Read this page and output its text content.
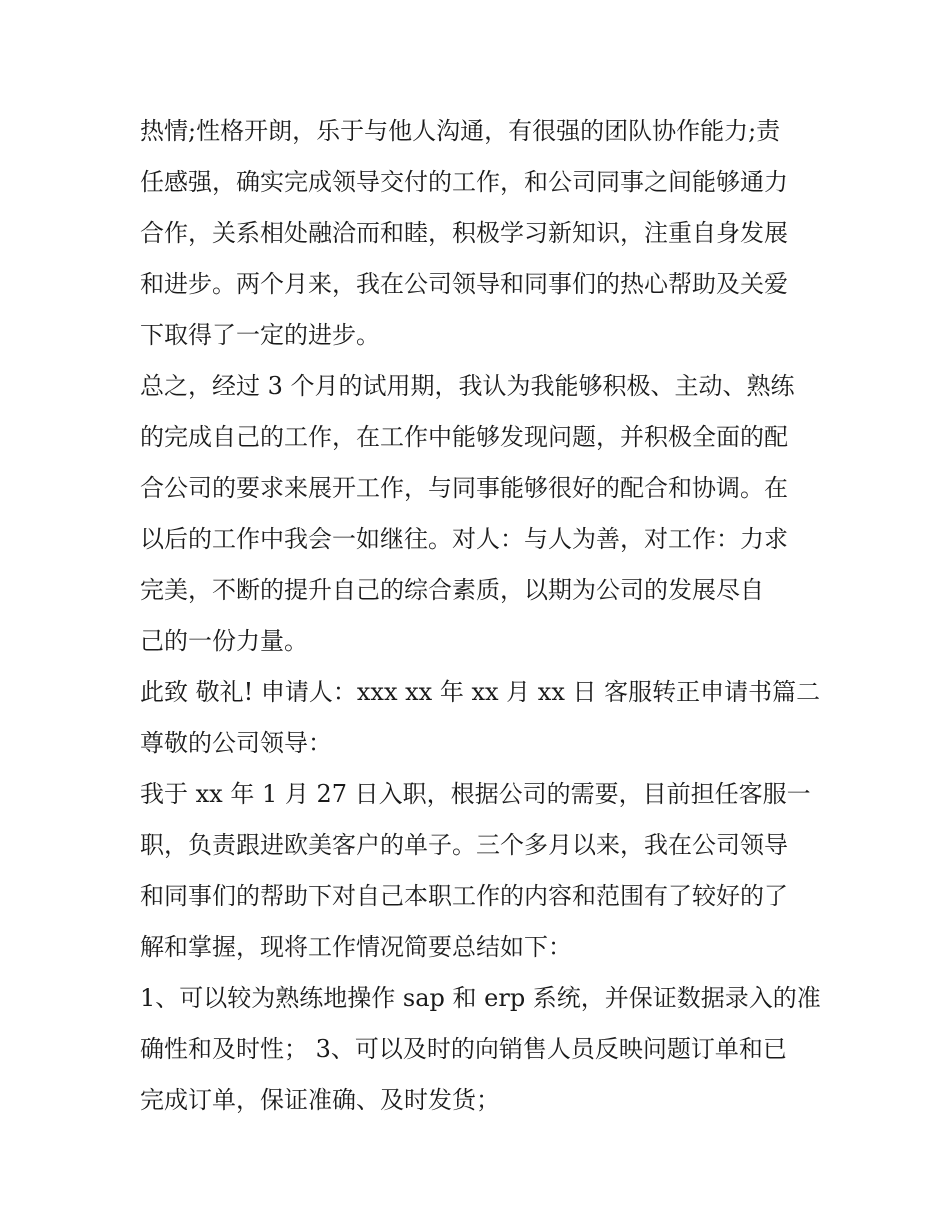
热情;性格开朗，乐于与他人沟通，有很强的团队协作能力;责
任感强，确实完成领导交付的工作，和公司同事之间能够通力
合作，关系相处融洽而和睦，积极学习新知识，注重自身发展
和进步。两个月来，我在公司领导和同事们的热心帮助及关爱
下取得了一定的进步。
总之，经过 3 个月的试用期，我认为我能够积极、主动、熟练
的完成自己的工作，在工作中能够发现问题，并积极全面的配
合公司的要求来展开工作，与同事能够很好的配合和协调。在
以后的工作中我会一如继往。对人：与人为善，对工作：力求
完美，不断的提升自己的综合素质，以期为公司的发展尽自
己的一份力量。
此致 敬礼! 申请人：xxx xx 年 xx 月 xx 日 客服转正申请书篇二
尊敬的公司领导：
我于 xx 年 1 月 27 日入职，根据公司的需要，目前担任客服一
职，负责跟进欧美客户的单子。三个多月以来，我在公司领导
和同事们的帮助下对自己本职工作的内容和范围有了较好的了
解和掌握，现将工作情况简要总结如下：
1、可以较为熟练地操作 sap 和 erp 系统，并保证数据录入的准
确性和及时性； 3、可以及时的向销售人员反映问题订单和已
完成订单，保证准确、及时发货；
